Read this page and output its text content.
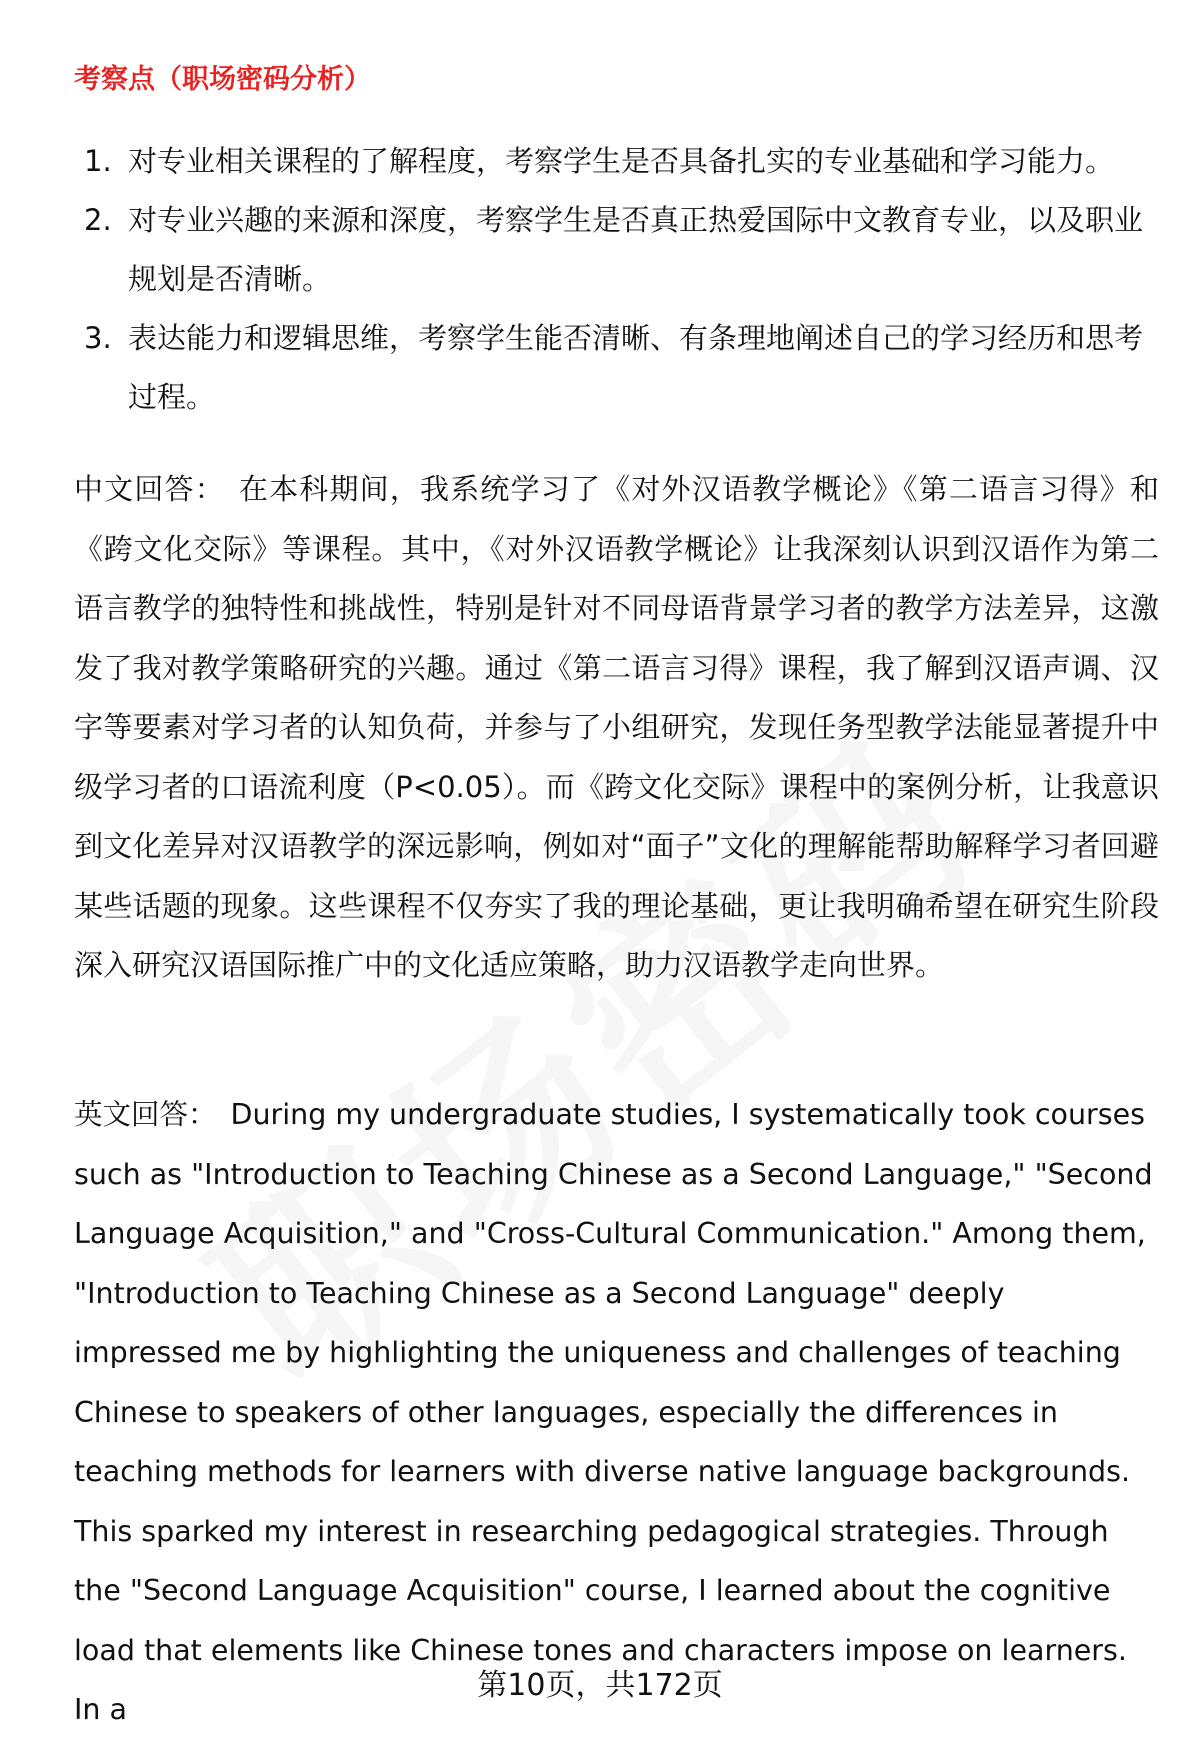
考察点（职场密码分析）
1. 对专业相关课程的了解程度，考察学生是否具备扎实的专业基础和学习能力。
2. 对专业兴趣的来源和深度，考察学生是否真正热爱国际中文教育专业，以及职业规划是否清晰。
3. 表达能力和逻辑思维，考察学生能否清晰、有条理地阐述自己的学习经历和思考过程。

中文回答： 在本科期间，我系统学习了《对外汉语教学概论》《第二语言习得》和《跨文化交际》等课程。其中，《对外汉语教学概论》让我深刻认识到汉语作为第二语言教学的独特性和挑战性，特别是针对不同母语背景学习者的教学方法差异，这激发了我对教学策略研究的兴趣。通过《第二语言习得》课程，我了解到汉语声调、汉字等要素对学习者的认知负荷，并参与了小组研究，发现任务型教学法能显著提升中级学习者的口语流利度（P<0.05）。而《跨文化交际》课程中的案例分析，让我意识到文化差异对汉语教学的深远影响，例如对“面子”文化的理解能帮助解释学习者回避某些话题的现象。这些课程不仅夯实了我的理论基础，更让我明确希望在研究生阶段深入研究汉语国际推广中的文化适应策略，助力汉语教学走向世界。

英文回答： During my undergraduate studies, I systematically took courses such as "Introduction to Teaching Chinese as a Second Language," "Second Language Acquisition," and "Cross-Cultural Communication." Among them, "Introduction to Teaching Chinese as a Second Language" deeply impressed me by highlighting the uniqueness and challenges of teaching Chinese to speakers of other languages, especially the differences in teaching methods for learners with diverse native language backgrounds. This sparked my interest in researching pedagogical strategies. Through the "Second Language Acquisition" course, I learned about the cognitive load that elements like Chinese tones and characters impose on learners. In a

第10页，共172页
